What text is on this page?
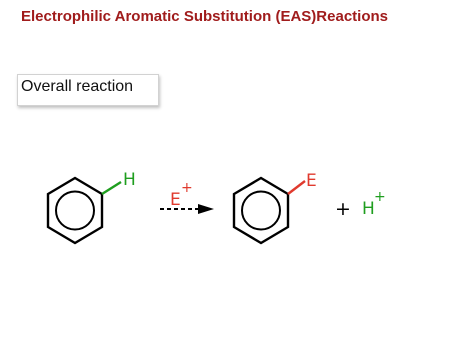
Electrophilic Aromatic Substitution (EAS)Reactions
Overall reaction
H
E
+	E
+ H
+
